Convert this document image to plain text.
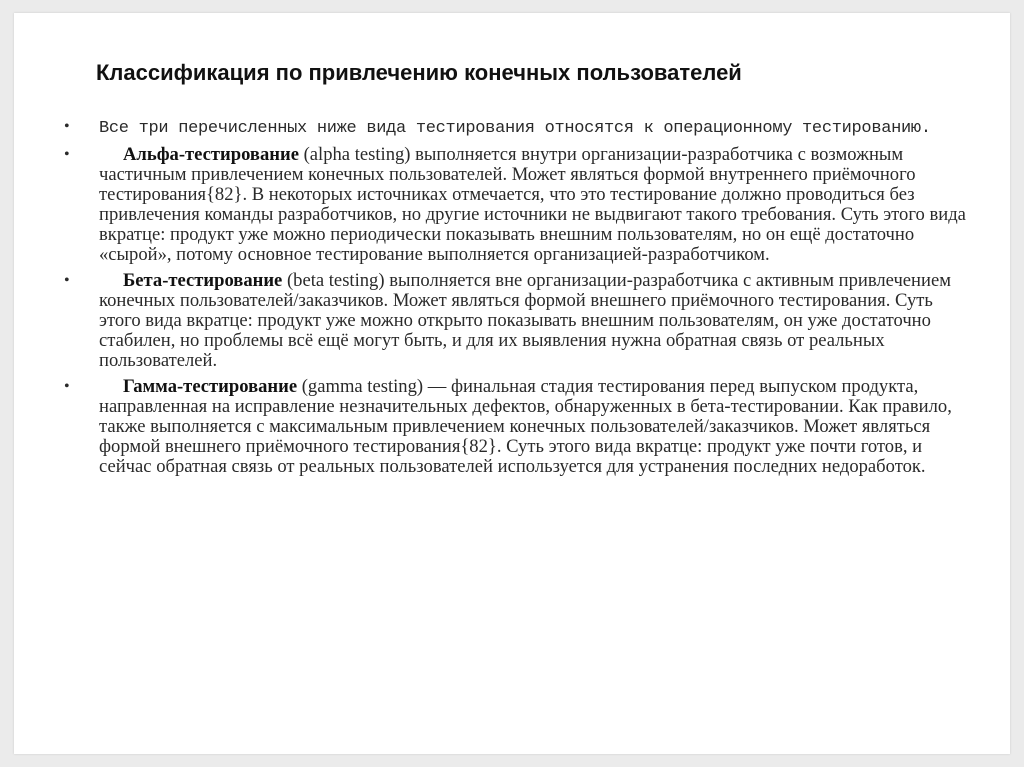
Классификация по привлечению конечных пользователей
•	Все три перечисленных ниже вида тестирования относятся к операционному тестированию.
•	Альфа-тестирование (alpha testing) выполняется внутри организации-разработчика с возможным частичным привлечением конечных пользователей. Может являться формой внутреннего приёмочного тестирования{82}. В некоторых источниках отмечается, что это тестирование должно проводиться без привлечения команды разработчиков, но другие источники не выдвигают такого требования. Суть этого вида вкратце: продукт уже можно периодически показывать внешним пользователям, но он ещё достаточно «сырой», потому основное тестирование выполняется организацией-разработчиком.
•	Бета-тестирование (beta testing) выполняется вне организации-разработчика с активным привлечением конечных пользователей/заказчиков. Может являться формой внешнего приёмочного тестирования. Суть этого вида вкратце: продукт уже можно открыто показывать внешним пользователям, он уже достаточно стабилен, но проблемы всё ещё могут быть, и для их выявления нужна обратная связь от реальных пользователей.
•	Гамма-тестирование (gamma testing) — финальная стадия тестирования перед выпуском продукта, направленная на исправление незначительных дефектов, обнаруженных в бета-тестировании. Как правило, также выполняется с максимальным привлечением конечных пользователей/заказчиков. Может являться формой внешнего приёмочного тестирования{82}. Суть этого вида вкратце: продукт уже почти готов, и сейчас обратная связь от реальных пользователей используется для устранения последних недоработок.
